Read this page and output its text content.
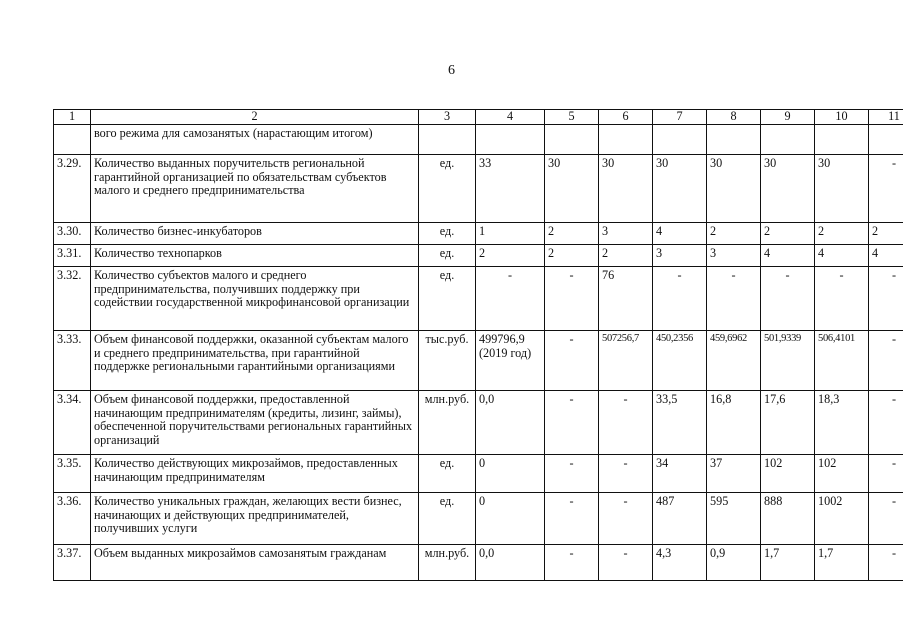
6
1	2	3	4	5	6	7	8	9	10	11
	вого режима для самозанятых (нарастающим итогом)									
3.29.	Количество выданных поручительств региональной гарантийной организацией по обязательствам субъектов малого и среднего предпринимательства	ед.	33	30	30	30	30	30	30	-
3.30.	Количество бизнес-инкубаторов	ед.	1	2	3	4	2	2	2	2
3.31.	Количество технопарков	ед.	2	2	2	3	3	4	4	4
3.32.	Количество субъектов малого и среднего предпринимательства, получивших поддержку при содействии государственной микрофинансовой организации	ед.	-	-	76	-	-	-	-	-
3.33.	Объем финансовой поддержки, оказанной субъектам малого и среднего предпринимательства, при гарантийной поддержке региональными гарантийными организациями	тыс.руб.	499796,9 (2019 год)	-	507256,7	450,2356	459,6962	501,9339	506,4101	-
3.34.	Объем финансовой поддержки, предоставленной начинающим предпринимателям (кредиты, лизинг, займы), обеспеченной поручительствами региональных гарантийных организаций	млн.руб.	0,0	-	-	33,5	16,8	17,6	18,3	-
3.35.	Количество действующих микрозаймов, предоставленных начинающим предпринимателям	ед.	0	-	-	34	37	102	102	-
3.36.	Количество уникальных граждан, желающих вести бизнес, начинающих и действующих предпринимателей, получивших услуги	ед.	0	-	-	487	595	888	1002	-
3.37.	Объем выданных микрозаймов самозанятым гражданам	млн.руб.	0,0	-	-	4,3	0,9	1,7	1,7	-
